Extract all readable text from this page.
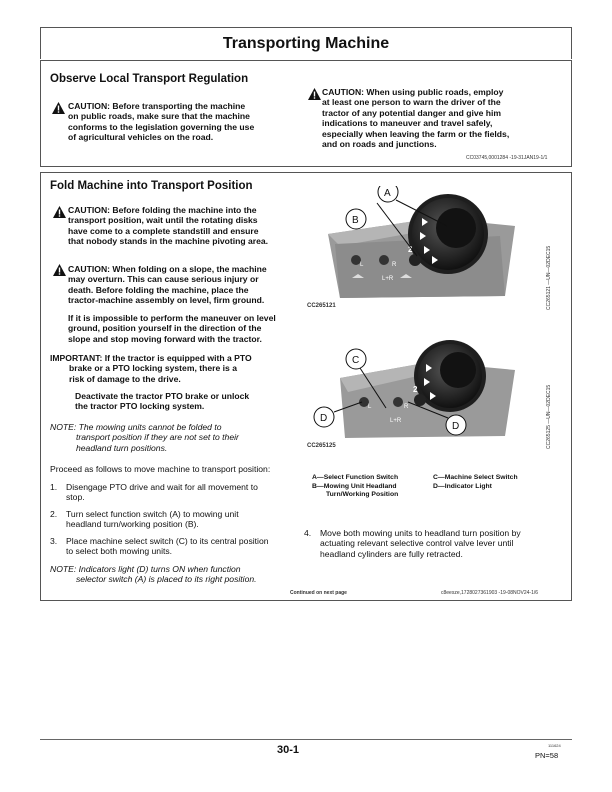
Transporting Machine
Observe Local Transport Regulation
CAUTION: Before transporting the machine
on public roads, make sure that the machine
conforms to the legislation governing the use
of agricultural vehicles on the road.
CAUTION: When using public roads, employ
at least one person to warn the driver of the
tractor of any potential danger and give him
indications to maneuver and travel safely,
especially when leaving the farm or the fields,
and on roads and junctions.
CC03745,0001284 -19-31JAN19-1/1
Fold Machine into Transport Position
CAUTION: Before folding the machine into the
transport position, wait until the rotating disks
have come to a complete standstill and ensure
that nobody stands in the machine pivoting area.
CAUTION: When folding on a slope, the machine
may overturn. This can cause serious injury or
death. Before folding the machine, place the
tractor-machine assembly on level, firm ground.
If it is impossible to perform the maneuver on level
ground, position yourself in the direction of the
slope and stop moving forward with the tractor.
IMPORTANT: If the tractor is equipped with a PTO
brake or a PTO locking system, there is a
risk of damage to the drive.
Deactivate the tractor PTO brake or unlock
the tractor PTO locking system.
NOTE: The mowing units cannot be folded to
transport position if they are not set to their
headland turn positions.
Proceed as follows to move machine to transport position:
1.	Disengage PTO drive and wait for all movement to
stop.
2.	Turn select function switch (A) to mowing unit
headland turn/working position (B).
3.	Place machine select switch (C) to its central position
to select both mowing units.
NOTE: Indicators light (D) turns ON when function
selector switch (A) is placed to its right position.
L	R
L+R
2
A
B
CC265121	CC265121 —UN—02DEC15
L	R
L+R
2
C
D
D
CC265125	CC265125 —UN—02DEC15
A—Select Function Switch
B—Mowing Unit Headland
Turn/Working Position
C—Machine Select Switch
D—Indicator Light
4.	Move both mowing units to headland turn position by
actuating relevant selective control valve lever until
headland cylinders are fully retracted.
Continued on next page	c8eesze,1728027361903 -19-08NOV24-1/6
30-1	111624
PN=58
